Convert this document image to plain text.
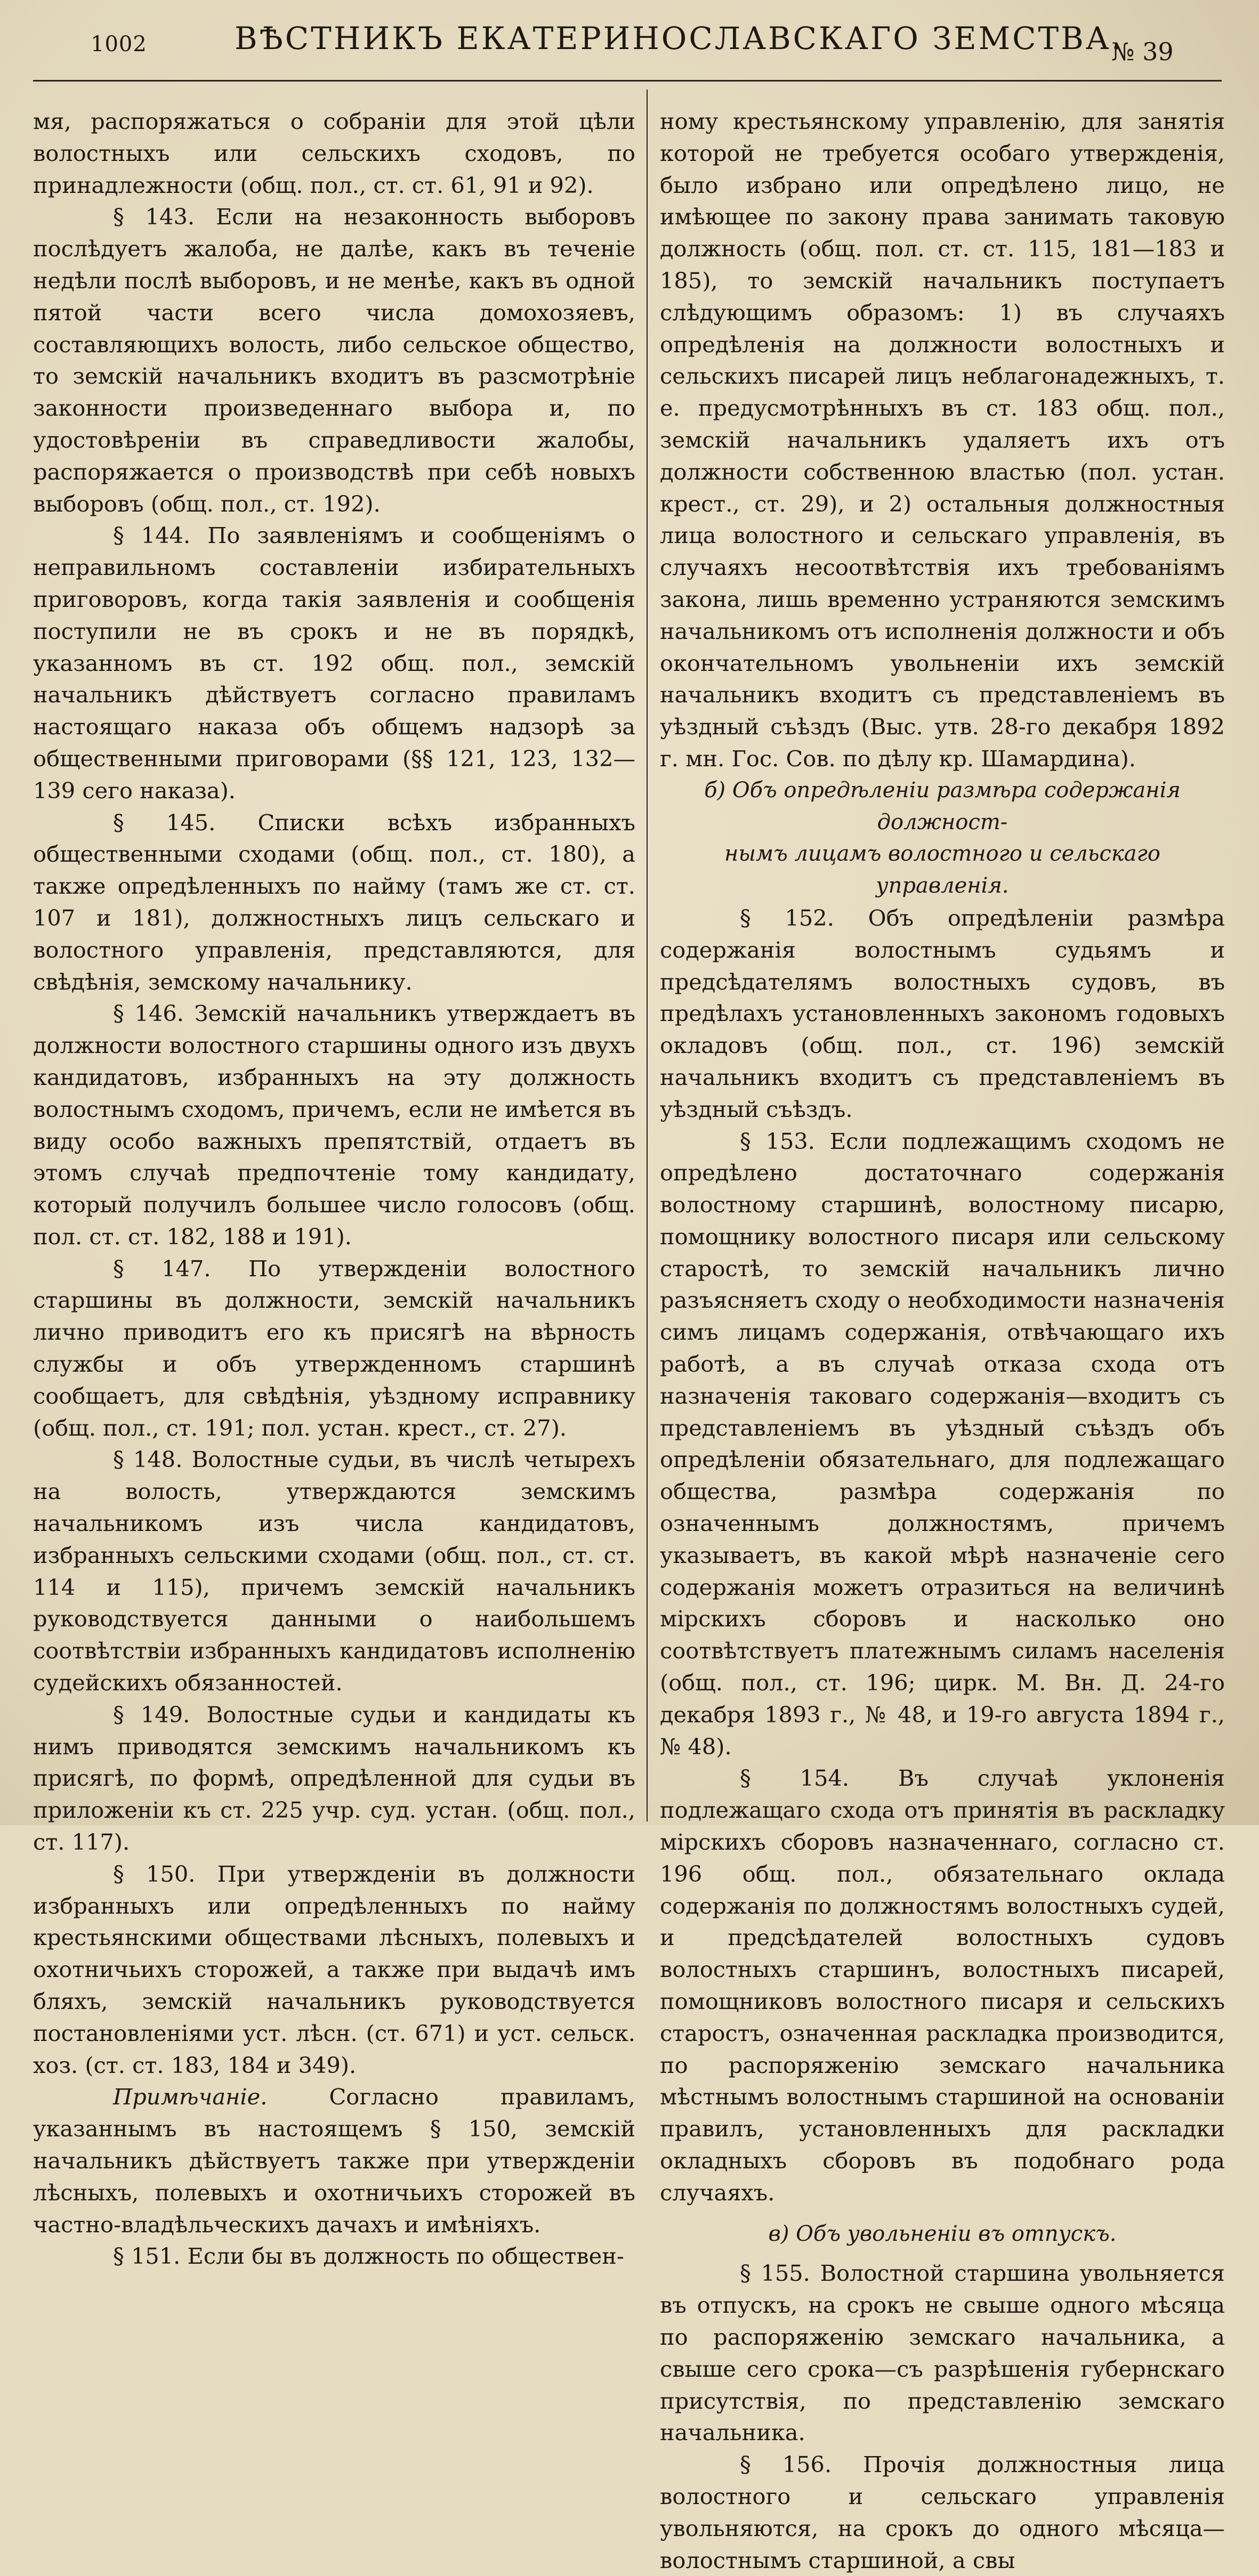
1002	ВѢСТНИКЪ ЕКАТЕРИНОСЛАВСКАГО ЗЕМСТВА.
№ 39

мя, распоряжаться о собраніи для этой цѣли волостныхъ или сельскихъ сходовъ, по принадлежности (общ. пол., ст. ст. 61, 91 и 92).

§ 143. Если на незаконность выборовъ послѣдуетъ жалоба, не далѣе, какъ въ теченіе недѣли послѣ выборовъ, и не менѣе, какъ въ одной пятой части всего числа домохозяевъ, составляющихъ волость, либо сельское общество, то земскій начальникъ входитъ въ разсмотрѣніе законности произведеннаго выбора и, по удостовѣреніи въ справедливости жалобы, распоряжается о производствѣ при себѣ новыхъ выборовъ (общ. пол., ст. 192).

§ 144. По заявленіямъ и сообщеніямъ о неправильномъ составленіи избирательныхъ приговоровъ, когда такія заявленія и сообщенія поступили не въ срокъ и не въ порядкѣ, указанномъ въ ст. 192 общ. пол., земскій начальникъ дѣйствуетъ согласно правиламъ настоящаго наказа объ общемъ надзорѣ за общественными приговорами (§§ 121, 123, 132—139 сего наказа).

§ 145. Списки всѣхъ избранныхъ общественными сходами (общ. пол., ст. 180), а также опредѣленныхъ по найму (тамъ же ст. ст. 107 и 181), должностныхъ лицъ сельскаго и волостного управленія, представляются, для свѣдѣнія, земскому начальнику.

§ 146. Земскій начальникъ утверждаетъ въ должности волостного старшины одного изъ двухъ кандидатовъ, избранныхъ на эту должность волостнымъ сходомъ, причемъ, если не имѣется въ виду особо важныхъ препятствій, отдаетъ въ этомъ случаѣ предпочтеніе тому кандидату, который получилъ большее число голосовъ (общ. пол. ст. ст. 182, 188 и 191).

§ 147. По утвержденіи волостного старшины въ должности, земскій начальникъ лично приводитъ его къ присягѣ на вѣрность службы и объ утвержденномъ старшинѣ сообщаетъ, для свѣдѣнія, уѣздному исправнику (общ. пол., ст. 191; пол. устан. крест., ст. 27).

§ 148. Волостные судьи, въ числѣ четырехъ на волость, утверждаются земскимъ начальникомъ изъ числа кандидатовъ, избранныхъ сельскими сходами (общ. пол., ст. ст. 114 и 115), причемъ земскій начальникъ руководствуется данными о наибольшемъ соотвѣтствіи избранныхъ кандидатовъ исполненію судейскихъ обязанностей.

§ 149. Волостные судьи и кандидаты къ нимъ приводятся земскимъ начальникомъ къ присягѣ, по формѣ, опредѣленной для судьи въ приложеніи къ ст. 225 учр. суд. устан. (общ. пол., ст. 117).

§ 150. При утвержденіи въ должности избранныхъ или опредѣленныхъ по найму крестьянскими обществами лѣсныхъ, полевыхъ и охотничьихъ сторожей, а также при выдачѣ имъ бляхъ, земскій начальникъ руководствуется постановленіями уст. лѣсн. (ст. 671) и уст. сельск. хоз. (ст. ст. 183, 184 и 349).

Примѣчаніе. Согласно правиламъ, указаннымъ въ настоящемъ § 150, земскій начальникъ дѣйствуетъ также при утвержденіи лѣсныхъ, полевыхъ и охотничьихъ сторожей въ частно-владѣльческихъ дачахъ и имѣніяхъ.

§ 151. Если бы въ должность по обществен-

ному крестьянскому управленію, для занятія которой не требуется особаго утвержденія, было избрано или опредѣлено лицо, не имѣющее по закону права занимать таковую должность (общ. пол. ст. ст. 115, 181—183 и 185), то земскій начальникъ поступаетъ слѣдующимъ образомъ: 1) въ случаяхъ опредѣленія на должности волостныхъ и сельскихъ писарей лицъ неблагонадежныхъ, т. е. предусмотрѣнныхъ въ ст. 183 общ. пол., земскій начальникъ удаляетъ ихъ отъ должности собственною властью (пол. устан. крест., ст. 29), и 2) остальныя должностныя лица волостного и сельскаго управленія, въ случаяхъ несоотвѣтствія ихъ требованіямъ закона, лишь временно устраняются земскимъ начальникомъ отъ исполненія должности и объ окончательномъ увольненіи ихъ земскій начальникъ входитъ съ представленіемъ въ уѣздный съѣздъ (Выс. утв. 28-го декабря 1892 г. мн. Гос. Сов. по дѣлу кр. Шамардина).

б) Объ опредѣленіи размѣра содержанія должност-
нымъ лицамъ волостного и сельскаго управленія.

§ 152. Объ опредѣленіи размѣра содержанія волостнымъ судьямъ и предсѣдателямъ волостныхъ судовъ, въ предѣлахъ установленныхъ закономъ годовыхъ окладовъ (общ. пол., ст. 196) земскій начальникъ входитъ съ представленіемъ въ уѣздный съѣздъ.

§ 153. Если подлежащимъ сходомъ не опредѣлено достаточнаго содержанія волостному старшинѣ, волостному писарю, помощнику волостного писаря или сельскому старостѣ, то земскій начальникъ лично разъясняетъ сходу о необходимости назначенія симъ лицамъ содержанія, отвѣчающаго ихъ работѣ, а въ случаѣ отказа схода отъ назначенія таковаго содержанія—входитъ съ представленіемъ въ уѣздный съѣздъ объ опредѣленіи обязательнаго, для подлежащаго общества, размѣра содержанія по означеннымъ должностямъ, причемъ указываетъ, въ какой мѣрѣ назначеніе сего содержанія можетъ отразиться на величинѣ мірскихъ сборовъ и насколько оно соотвѣтствуетъ платежнымъ силамъ населенія (общ. пол., ст. 196; цирк. М. Вн. Д. 24-го декабря 1893 г., № 48, и 19-го августа 1894 г., № 48).

§ 154. Въ случаѣ уклоненія подлежащаго схода отъ принятія въ раскладку мірскихъ сборовъ назначеннаго, согласно ст. 196 общ. пол., обязательнаго оклада содержанія по должностямъ волостныхъ судей, и предсѣдателей волостныхъ судовъ волостныхъ старшинъ, волостныхъ писарей, помощниковъ волостного писаря и сельскихъ старостъ, означенная раскладка производится, по распоряженію земскаго начальника мѣстнымъ волостнымъ старшиной на основаніи правилъ, установленныхъ для раскладки окладныхъ сборовъ въ подобнаго рода случаяхъ.

в) Объ увольненіи въ отпускъ.

§ 155. Волостной старшина увольняется въ отпускъ, на срокъ не свыше одного мѣсяца по распоряженію земскаго начальника, а свыше сего срока—съ разрѣшенія губернскаго присутствія, по представленію земскаго начальника.

§ 156. Прочія должностныя лица волостного и сельскаго управленія увольняются, на срокъ до одного мѣсяца—волостнымъ старшиной, а свы
